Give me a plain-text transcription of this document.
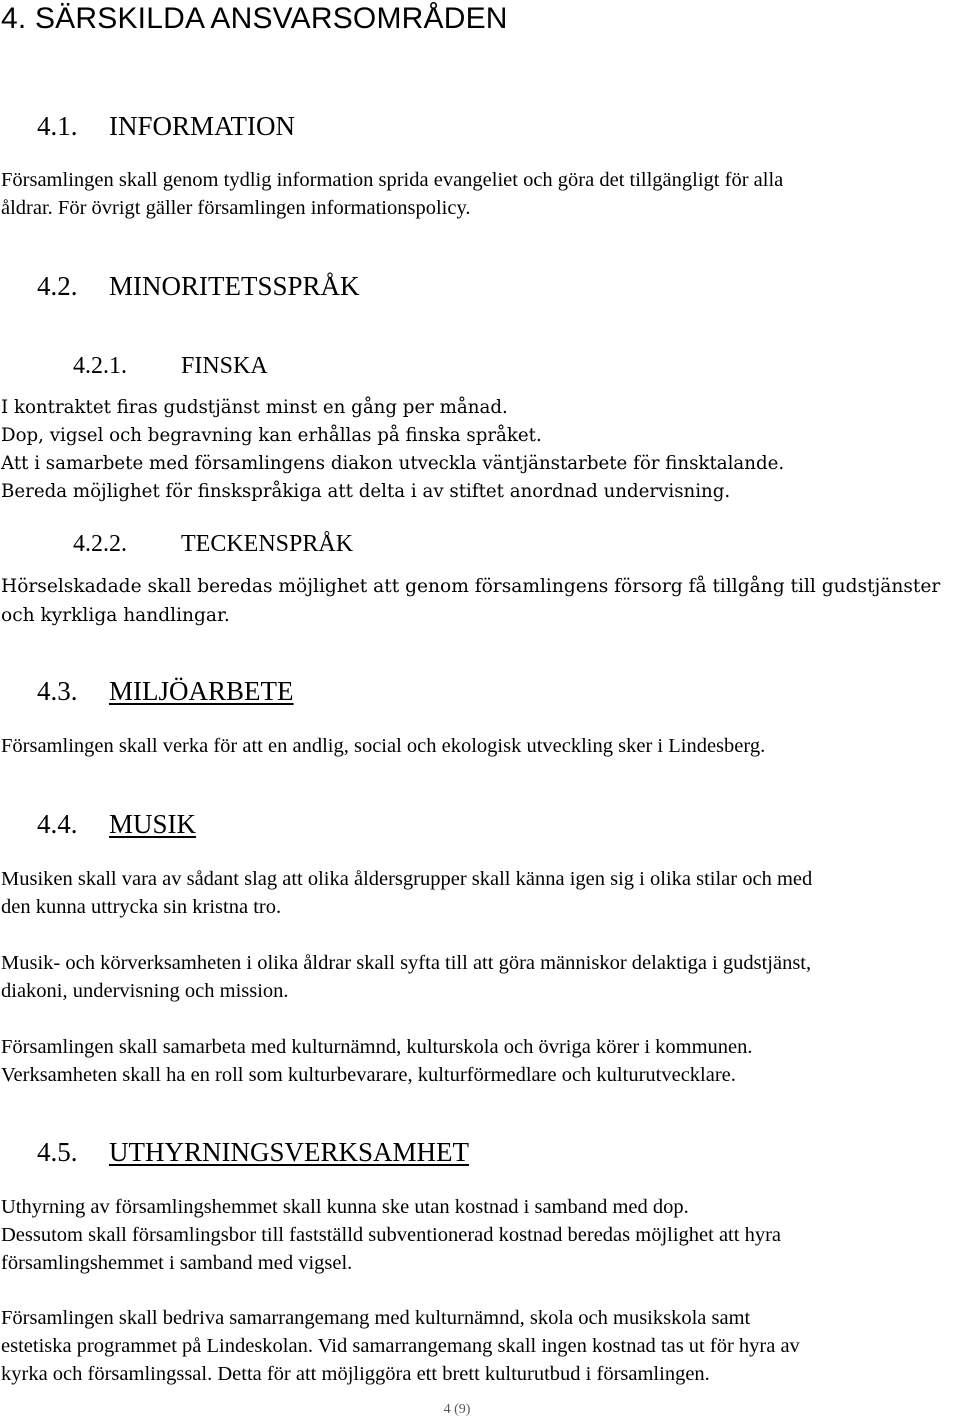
4. SÄRSKILDA ANSVARSOMRÅDEN
4.1. INFORMATION
Församlingen skall genom tydlig information sprida evangeliet och göra det tillgängligt för alla
åldrar. För övrigt gäller församlingen informationspolicy.
4.2. MINORITETSSPRÅK
4.2.1. FINSKA
I kontraktet firas gudstjänst minst en gång per månad.
Dop, vigsel och begravning kan erhållas på finska språket.
Att i samarbete med församlingens diakon utveckla väntjänstarbete för finsktalande.
Bereda möjlighet för finskspråkiga att delta i av stiftet anordnad undervisning.
4.2.2. TECKENSPRÅK
Hörselskadade skall beredas möjlighet att genom församlingens försorg få tillgång till gudstjänster
och kyrkliga handlingar.
4.3. MILJÖARBETE
Församlingen skall verka för att en andlig, social och ekologisk utveckling sker i Lindesberg.
4.4. MUSIK
Musiken skall vara av sådant slag att olika åldersgrupper skall känna igen sig i olika stilar och med
den kunna uttrycka sin kristna tro.
Musik- och körverksamheten i olika åldrar skall syfta till att göra människor delaktiga i gudstjänst,
diakoni, undervisning och mission.
Församlingen skall samarbeta med kulturnämnd, kulturskola och övriga körer i kommunen.
Verksamheten skall ha en roll som kulturbevarare, kulturförmedlare och kulturutvecklare.
4.5. UTHYRNINGSVERKSAMHET
Uthyrning av församlingshemmet skall kunna ske utan kostnad i samband med dop.
Dessutom skall församlingsbor till fastställd subventionerad kostnad beredas möjlighet att hyra
församlingshemmet i samband med vigsel.
Församlingen skall bedriva samarrangemang med kulturnämnd, skola och musikskola samt
estetiska programmet på Lindeskolan. Vid samarrangemang skall ingen kostnad tas ut för hyra av
kyrka och församlingssal. Detta för att möjliggöra ett brett kulturutbud i församlingen.
4 (9)
